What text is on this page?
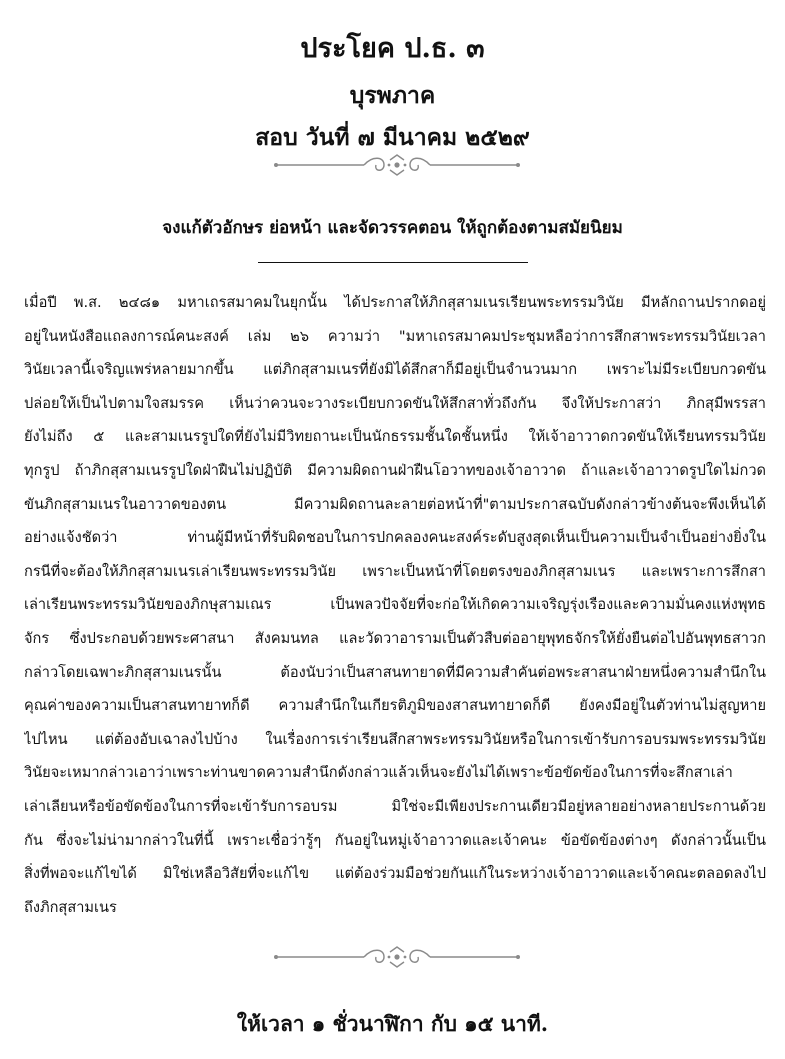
ประโยค ป.ธ. ๓
บุรพภาค
สอบ วันที่ ๗ มีนาคม ๒๕๒๙
จงแก้ตัวอักษร ย่อหน้า และจัดวรรคตอน ให้ถูกต้องตามสมัยนิยม
เมื่อปี พ.ส. ๒๔๘๑ มหาเถรสมาคมในยุกนั้น ได้ประกาสให้ภิกสุสามเนรเรียนพระทรรมวินัย มีหลักถานปรากดอยู่
อยู่ในหนังสือแถลงการณ์คนะสงค์ เล่ม ๒๖ ความว่า "มหาเถรสมาคมประชุมหลือว่าการสึกสาพระทรรมวินัยเวลา
วินัยเวลานี้เจริญแพร่หลายมากขึ้น แต่ภิกสุสามเนรที่ยังมิได้สึกสาก็มีอยู่เป็นจำนวนมาก เพราะไม่มีระเบียบกวดขัน
ปล่อยให้เป็นไปตามใจสมรรค เห็นว่าควนจะวางระเบียบกวดขันให้สึกสาทั่วถึงกัน จึงให้ประกาสว่า ภิกสุมีพรรสา
ยังไม่ถึง ๕ และสามเนรรูปใดที่ยังไม่มีวิทยถานะเป็นนักธรรมชั้นใดชั้นหนึ่ง ให้เจ้าอาวาดกวดขันให้เรียนทรรมวินัย
ทุกรูป ถ้าภิกสุสามเนรรูปใดฝ่าฝืนไม่ปฏิบัติ มีความผิดถานฝ่าฝืนโอวาทของเจ้าอาวาด ถ้าและเจ้าอาวาดรูปใดไม่กวด
ขันภิกสุสามเนรในอาวาดของตน มีความผิดถานละลายต่อหน้าที่"ตามประกาสฉบับดังกล่าวข้างต้นจะพึงเห็นได้
อย่างแจ้งชัดว่า ท่านผู้มีหน้าที่รับผิดชอบในการปกคลองคนะสงค์ระดับสูงสุดเห็นเป็นความเป็นจำเป็นอย่างยิ่งใน
กรนีที่จะต้องให้ภิกสุสามเนรเล่าเรียนพระทรรมวินัย เพราะเป็นหน้าที่โดยตรงของภิกสุสามเนร และเพราะการสึกสา
เล่าเรียนพระทรรมวินัยของภิกษุสามเณร เป็นพลวปัจจัยที่จะก่อให้เกิดความเจริญรุ่งเรืองและความมั่นคงแห่งพุทธ
จักร ซึ่งประกอบด้วยพระศาสนา สังคมนทล และวัดวาอารามเป็นตัวสืบต่ออายุพุทธจักรให้ยั่งยืนต่อไปอันพุทธสาวก
กล่าวโดยเฉพาะภิกสุสามเนรนั้น ต้องนับว่าเป็นสาสนทายาดที่มีความสำคันต่อพระสาสนาฝ่ายหนึ่งความสำนึกใน
คุณค่าของความเป็นสาสนทายาทก็ดี ความสำนึกในเกียรติภูมิของสาสนทายาดก็ดี ยังคงมีอยู่ในตัวท่านไม่สูญหาย
ไปไหน แต่ต้องอับเฉาลงไปบ้าง ในเรื่องการเร่าเรียนสึกสาพระทรรมวินัยหรือในการเข้ารับการอบรมพระทรรมวินัย
วินัยจะเหมากล่าวเอาว่าเพราะท่านขาดความสำนึกดังกล่าวแล้วเห็นจะยังไม่ได้เพราะข้อขัดข้องในการที่จะสึกสาเล่า
เล่าเลียนหรือข้อขัดข้องในการที่จะเข้ารับการอบรม มิใช่จะมีเพียงประกานเดียวมีอยู่หลายอย่างหลายประกานด้วย
กัน ซึ่งจะไม่น่ามากล่าวในที่นี้ เพราะเชื่อว่ารู้ๆ กันอยู่ในหมู่เจ้าอาวาดและเจ้าคนะ ข้อขัดข้องต่างๆ ดังกล่าวนั้นเป็น
สิ่งที่พอจะแก้ไขได้ มิใช่เหลือวิสัยที่จะแก้ไข แต่ต้องร่วมมือช่วยกันแก้ในระหว่างเจ้าอาวาดและเจ้าคณะตลอดลงไป
ถึงภิกสุสามเนร
ให้เวลา ๑ ชั่วนาฬิกา กับ ๑๕ นาที.
